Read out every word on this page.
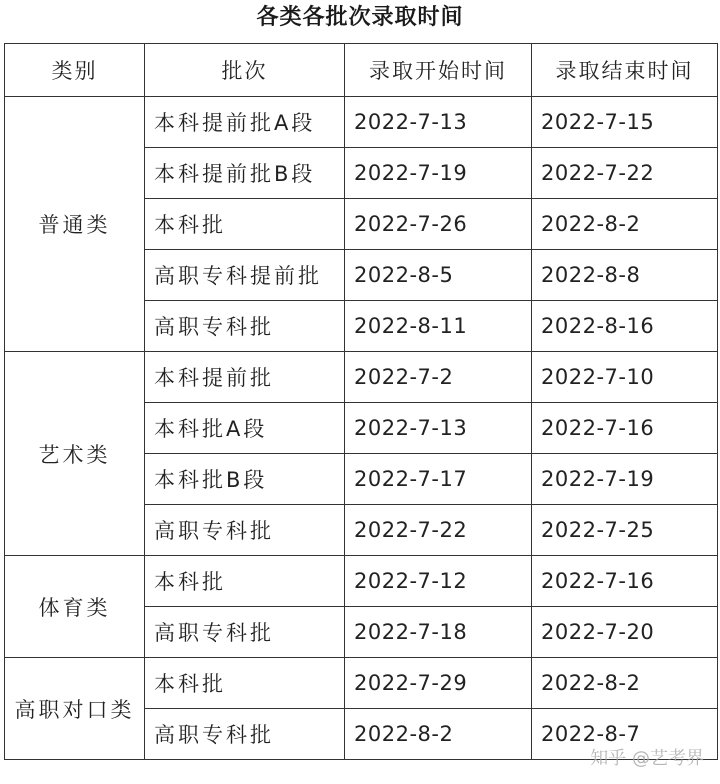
各类各批次录取时间
类别	批次	录取开始时间	录取结束时间
普通类	本科提前批A段	2022-7-13	2022-7-15
	本科提前批B段	2022-7-19	2022-7-22
	本科批	2022-7-26	2022-8-2
	高职专科提前批	2022-8-5	2022-8-8
	高职专科批	2022-8-11	2022-8-16
艺术类	本科提前批	2022-7-2	2022-7-10
	本科批A段	2022-7-13	2022-7-16
	本科批B段	2022-7-17	2022-7-19
	高职专科批	2022-7-22	2022-7-25
体育类	本科批	2022-7-12	2022-7-16
	高职专科批	2022-7-18	2022-7-20
高职对口类	本科批	2022-7-29	2022-8-2
	高职专科批	2022-8-2	2022-8-7
知乎 @艺考界
